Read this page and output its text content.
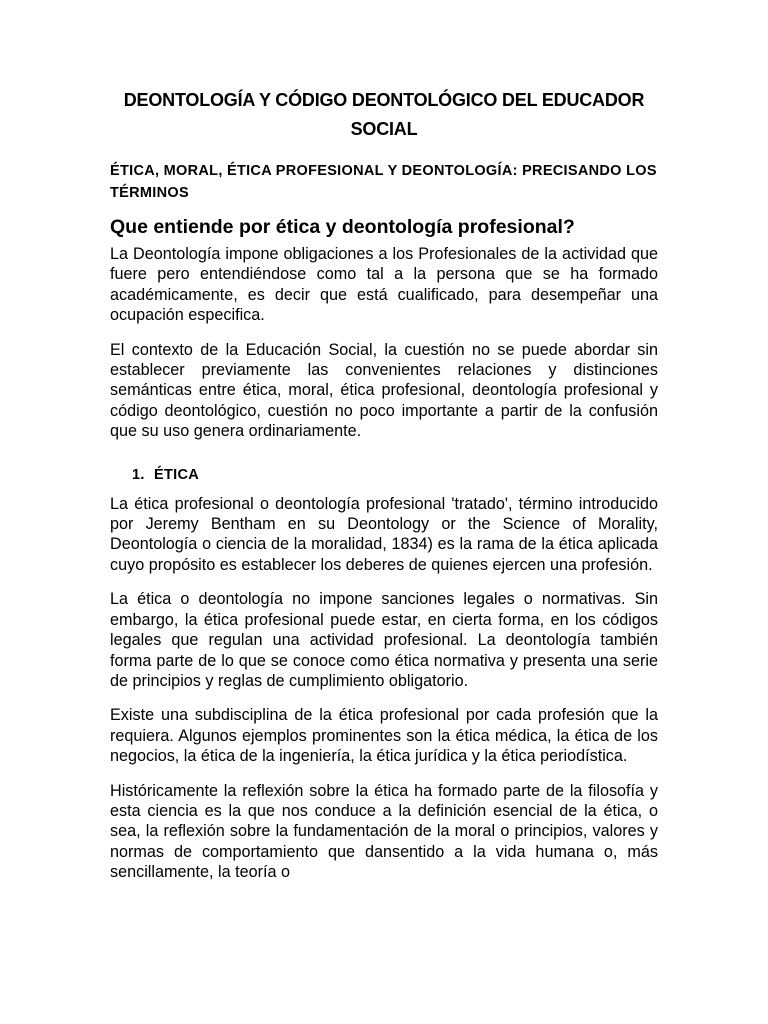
DEONTOLOGÍA Y CÓDIGO DEONTOLÓGICO DEL EDUCADOR SOCIAL
ÉTICA, MORAL, ÉTICA PROFESIONAL Y DEONTOLOGÍA: PRECISANDO LOS TÉRMINOS
Que entiende por ética y deontología profesional?

La Deontología impone obligaciones a los Profesionales de la actividad que fuere pero entendiéndose como tal a la persona que se ha formado académicamente, es decir que está cualificado, para desempeñar una ocupación especifica.

El contexto de la Educación Social, la cuestión no se puede abordar sin establecer previamente las convenientes relaciones y distinciones semánticas entre ética, moral, ética profesional, deontología profesional y código deontológico, cuestión no poco importante a partir de la confusión que su uso genera ordinariamente.

1. ÉTICA

La ética profesional o deontología profesional 'tratado', término introducido por Jeremy Bentham en su Deontology or the Science of Morality, Deontología o ciencia de la moralidad, 1834) es la rama de la ética aplicada cuyo propósito es establecer los deberes de quienes ejercen una profesión.

La ética o deontología no impone sanciones legales o normativas. Sin embargo, la ética profesional puede estar, en cierta forma, en los códigos legales que regulan una actividad profesional. La deontología también forma parte de lo que se conoce como ética normativa y presenta una serie de principios y reglas de cumplimiento obligatorio.

Existe una subdisciplina de la ética profesional por cada profesión que la requiera. Algunos ejemplos prominentes son la ética médica, la ética de los negocios, la ética de la ingeniería, la ética jurídica y la ética periodística.

Históricamente la reflexión sobre la ética ha formado parte de la filosofía y esta ciencia es la que nos conduce a la definición esencial de la ética, o sea, la reflexión sobre la fundamentación de la moral o principios, valores y normas de comportamiento que dansentido a la vida humana o, más sencillamente, la teoría o
